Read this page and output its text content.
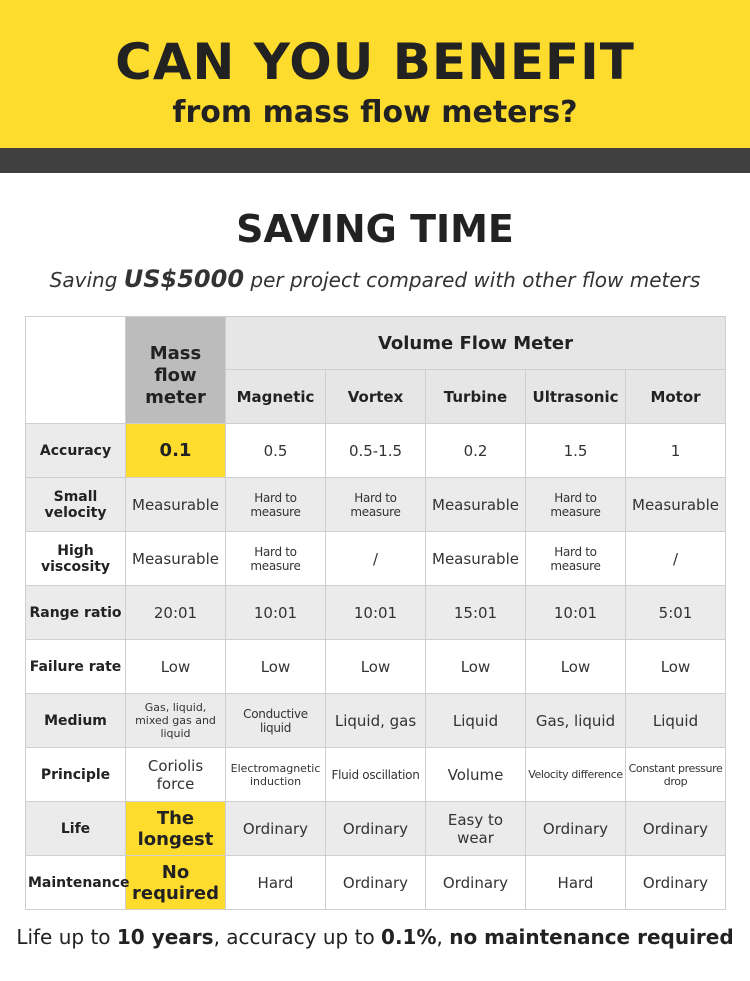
CAN YOU BENEFIT
from mass flow meters?
SAVING TIME
Saving US$5000 per project compared with other flow meters
	Mass flow meter	Volume Flow Meter				
		Magnetic	Vortex	Turbine	Ultrasonic	Motor
Accuracy	0.1	0.5	0.5-1.5	0.2	1.5	1
Small velocity	Measurable	Hard to measure	Hard to measure	Measurable	Hard to measure	Measurable
High viscosity	Measurable	Hard to measure	/	Measurable	Hard to measure	/
Range ratio	20:01	10:01	10:01	15:01	10:01	5:01
Failure rate	Low	Low	Low	Low	Low	Low
Medium	Gas, liquid, mixed gas and liquid	Conductive liquid	Liquid, gas	Liquid	Gas, liquid	Liquid
Principle	Coriolis force	Electromagnetic induction	Fluid oscillation	Volume	Velocity difference	Constant pressure drop
Life	The longest	Ordinary	Ordinary	Easy to wear	Ordinary	Ordinary
Maintenance	No required	Hard	Ordinary	Ordinary	Hard	Ordinary
Life up to 10 years, accuracy up to 0.1%, no maintenance required
